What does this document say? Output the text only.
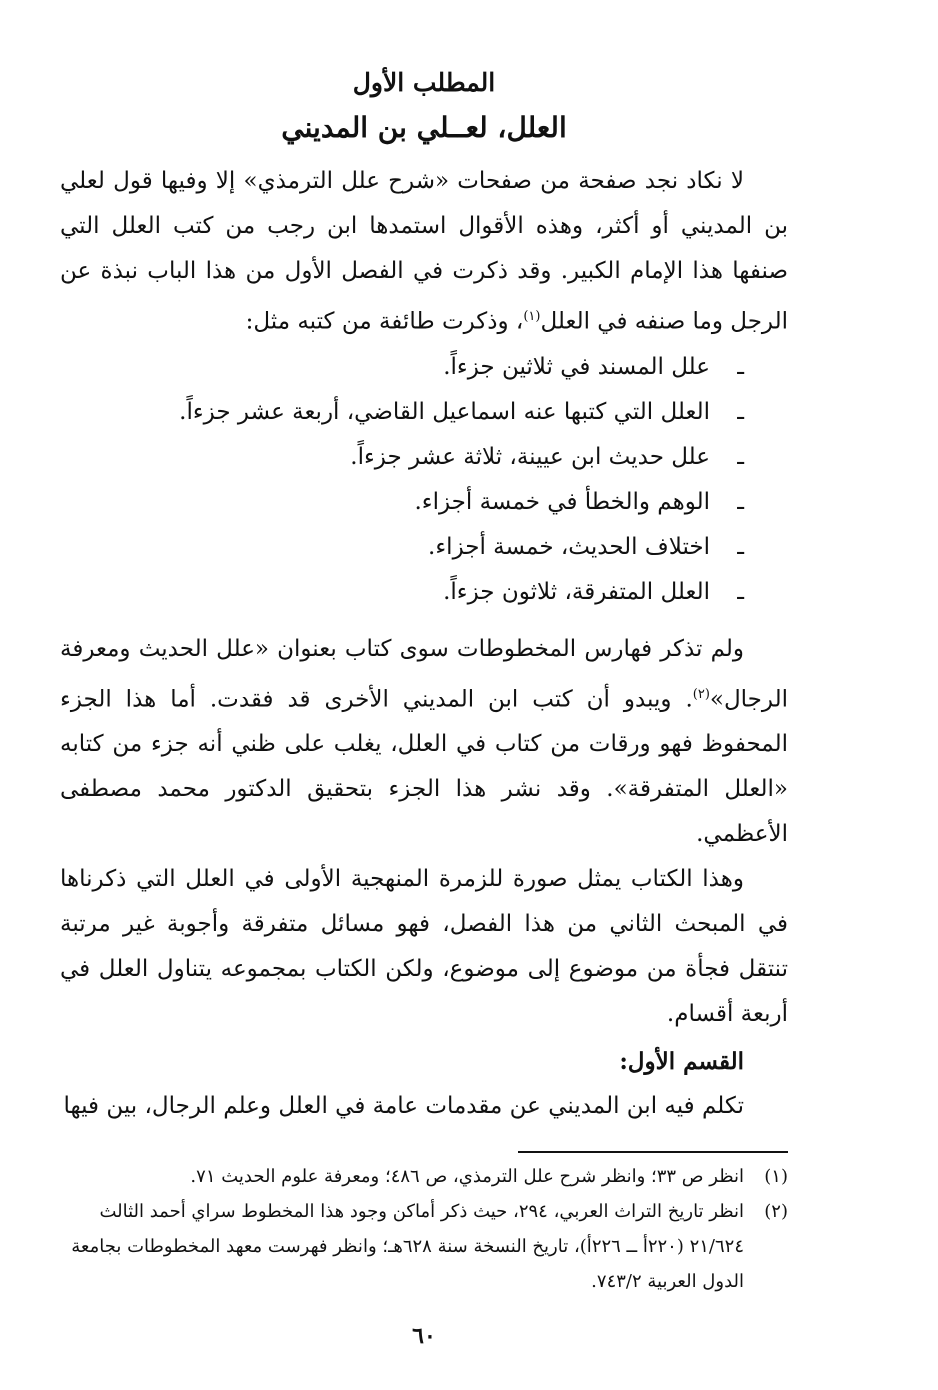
المطلب الأول
العلل، لعــلي بن المديني

لا نكاد نجد صفحة من صفحات «شرح علل الترمذي» إلا وفيها قول لعلي بن المديني أو أكثر، وهذه الأقوال استمدها ابن رجب من كتب العلل التي صنفها هذا الإمام الكبير. وقد ذكرت في الفصل الأول من هذا الباب نبذة عن الرجل وما صنفه في العلل$^{(١)}$، وذكرت طائفة من كتبه مثل:

ـ
علل المسند في ثلاثين جزءاً.
ـ
العلل التي كتبها عنه اسماعيل القاضي، أربعة عشر جزءاً.
ـ
علل حديث ابن عيينة، ثلاثة عشر جزءاً.
ـ
الوهم والخطأ في خمسة أجزاء.
ـ
اختلاف الحديث، خمسة أجزاء.
ـ
العلل المتفرقة، ثلاثون جزءاً.

ولم تذكر فهارس المخطوطات سوى كتاب بعنوان «علل الحديث ومعرفة الرجال»$^{(٢)}$. ويبدو أن كتب ابن المديني الأخرى قد فقدت. أما هذا الجزء المحفوظ فهو ورقات من كتاب في العلل، يغلب على ظني أنه جزء من كتابه «العلل المتفرقة». وقد نشر هذا الجزء بتحقيق الدكتور محمد مصطفى الأعظمي.

وهذا الكتاب يمثل صورة للزمرة المنهجية الأولى في العلل التي ذكرناها في المبحث الثاني من هذا الفصل، فهو مسائل متفرقة وأجوبة غير مرتبة تنتقل فجأة من موضوع إلى موضوع، ولكن الكتاب بمجموعه يتناول العلل في أربعة أقسام.

القسم الأول:

تكلم فيه ابن المديني عن مقدمات عامة في العلل وعلم الرجال، بين فيها

(١)
انظر ص ٣٣؛ وانظر شرح علل الترمذي، ص ٤٨٦؛ ومعرفة علوم الحديث ٧١.
(٢)
انظر تاريخ التراث العربي، ٢٩٤، حيث ذكر أماكن وجود هذا المخطوط سراي أحمد الثالث ٢١/٦٢٤ (٢٢٠أ ــ ٢٢٦أ)، تاريخ النسخة سنة ٦٢٨هـ؛ وانظر فهرست معهد المخطوطات بجامعة الدول العربية ٧٤٣/٢.
٦٠
